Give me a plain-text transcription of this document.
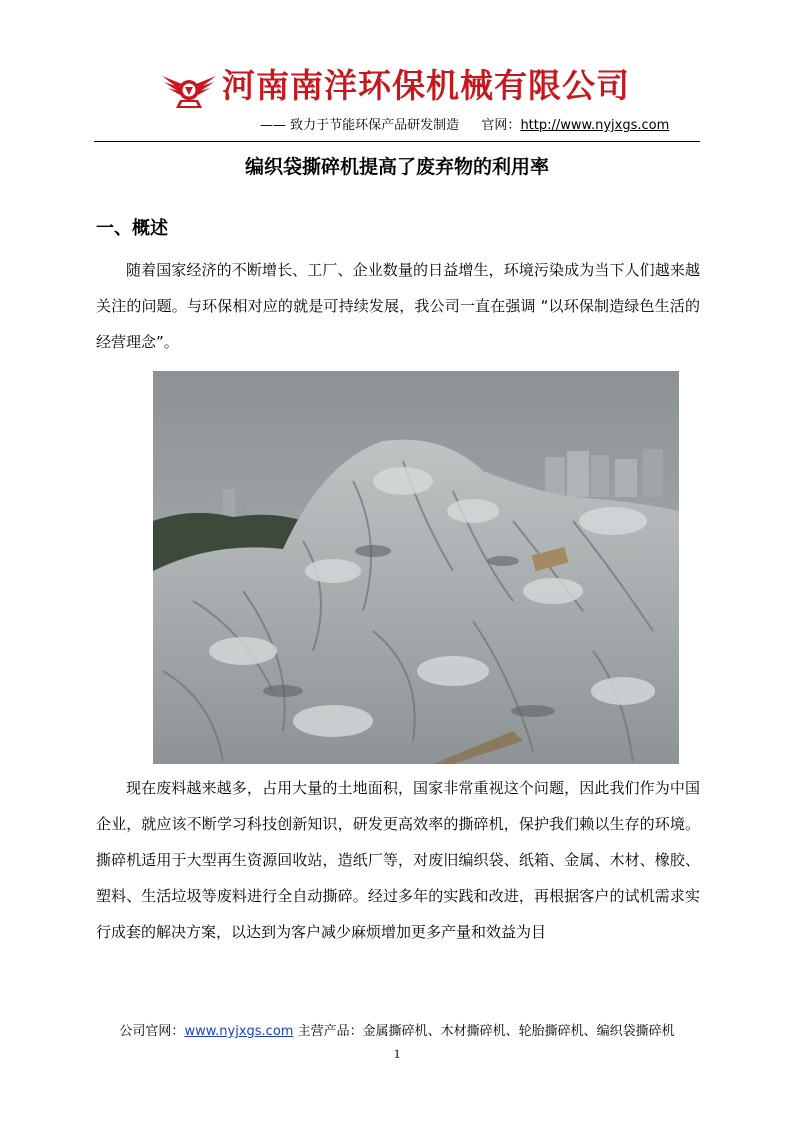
河南南洋环保机械有限公司
—— 致力于节能环保产品研发制造 官网：http://www.nyjxgs.com
编织袋撕碎机提高了废弃物的利用率
一、概述

随着国家经济的不断增长、工厂、企业数量的日益增生，环境污染成为当下人们越来越关注的问题。与环保相对应的就是可持续发展，我公司一直在强调 “以环保制造绿色生活的经营理念”。

现在废料越来越多，占用大量的土地面积，国家非常重视这个问题，因此我们作为中国企业，就应该不断学习科技创新知识，研发更高效率的撕碎机，保护我们赖以生存的环境。撕碎机适用于大型再生资源回收站，造纸厂等，对废旧编织袋、纸箱、金属、木材、橡胶、塑料、生活垃圾等废料进行全自动撕碎。经过多年的实践和改进，再根据客户的试机需求实行成套的解决方案，以达到为客户减少麻烦增加更多产量和效益为目

公司官网：www.nyjxgs.com 主营产品：金属撕碎机、木材撕碎机、轮胎撕碎机、编织袋撕碎机
1
